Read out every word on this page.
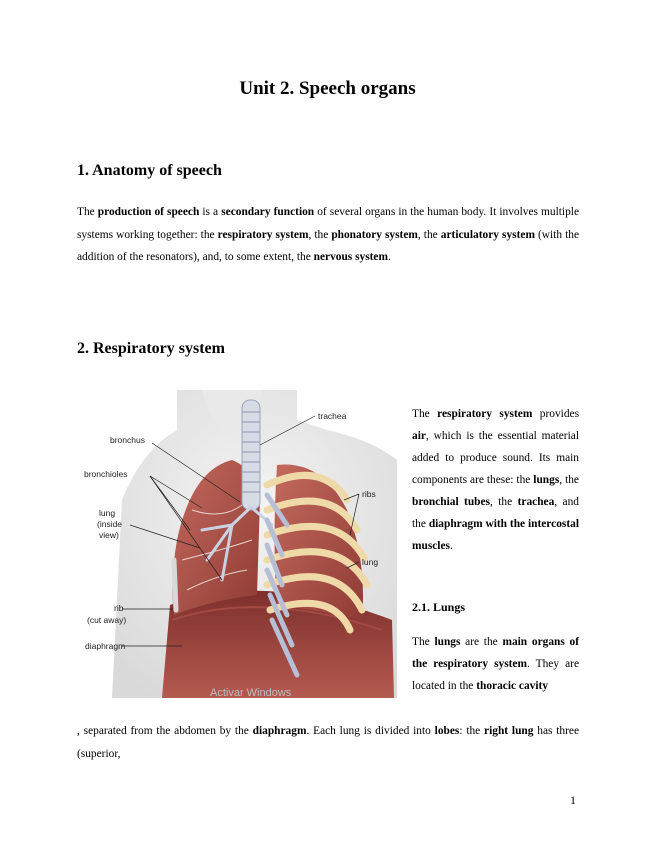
Unit 2. Speech organs
1. Anatomy of speech
The production of speech is a secondary function of several organs in the human body. It involves multiple systems working together: the respiratory system, the phonatory system, the articulatory system (with the addition of the resonators), and, to some extent, the nervous system.
2. Respiratory system
trachea
bronchus
bronchioles
lung
(inside
view)
ribs
lung
rib
(cut away)
diaphragm
Activar Windows
The respiratory system provides air, which is the essential material added to produce sound. Its main components are these: the lungs, the bronchial tubes, the trachea, and the diaphragm with the intercostal muscles.
2.1. Lungs
The lungs are the main organs of the respiratory system. They are located in the thoracic cavity
, separated from the abdomen by the diaphragm. Each lung is divided into lobes: the right lung has three (superior,
1
